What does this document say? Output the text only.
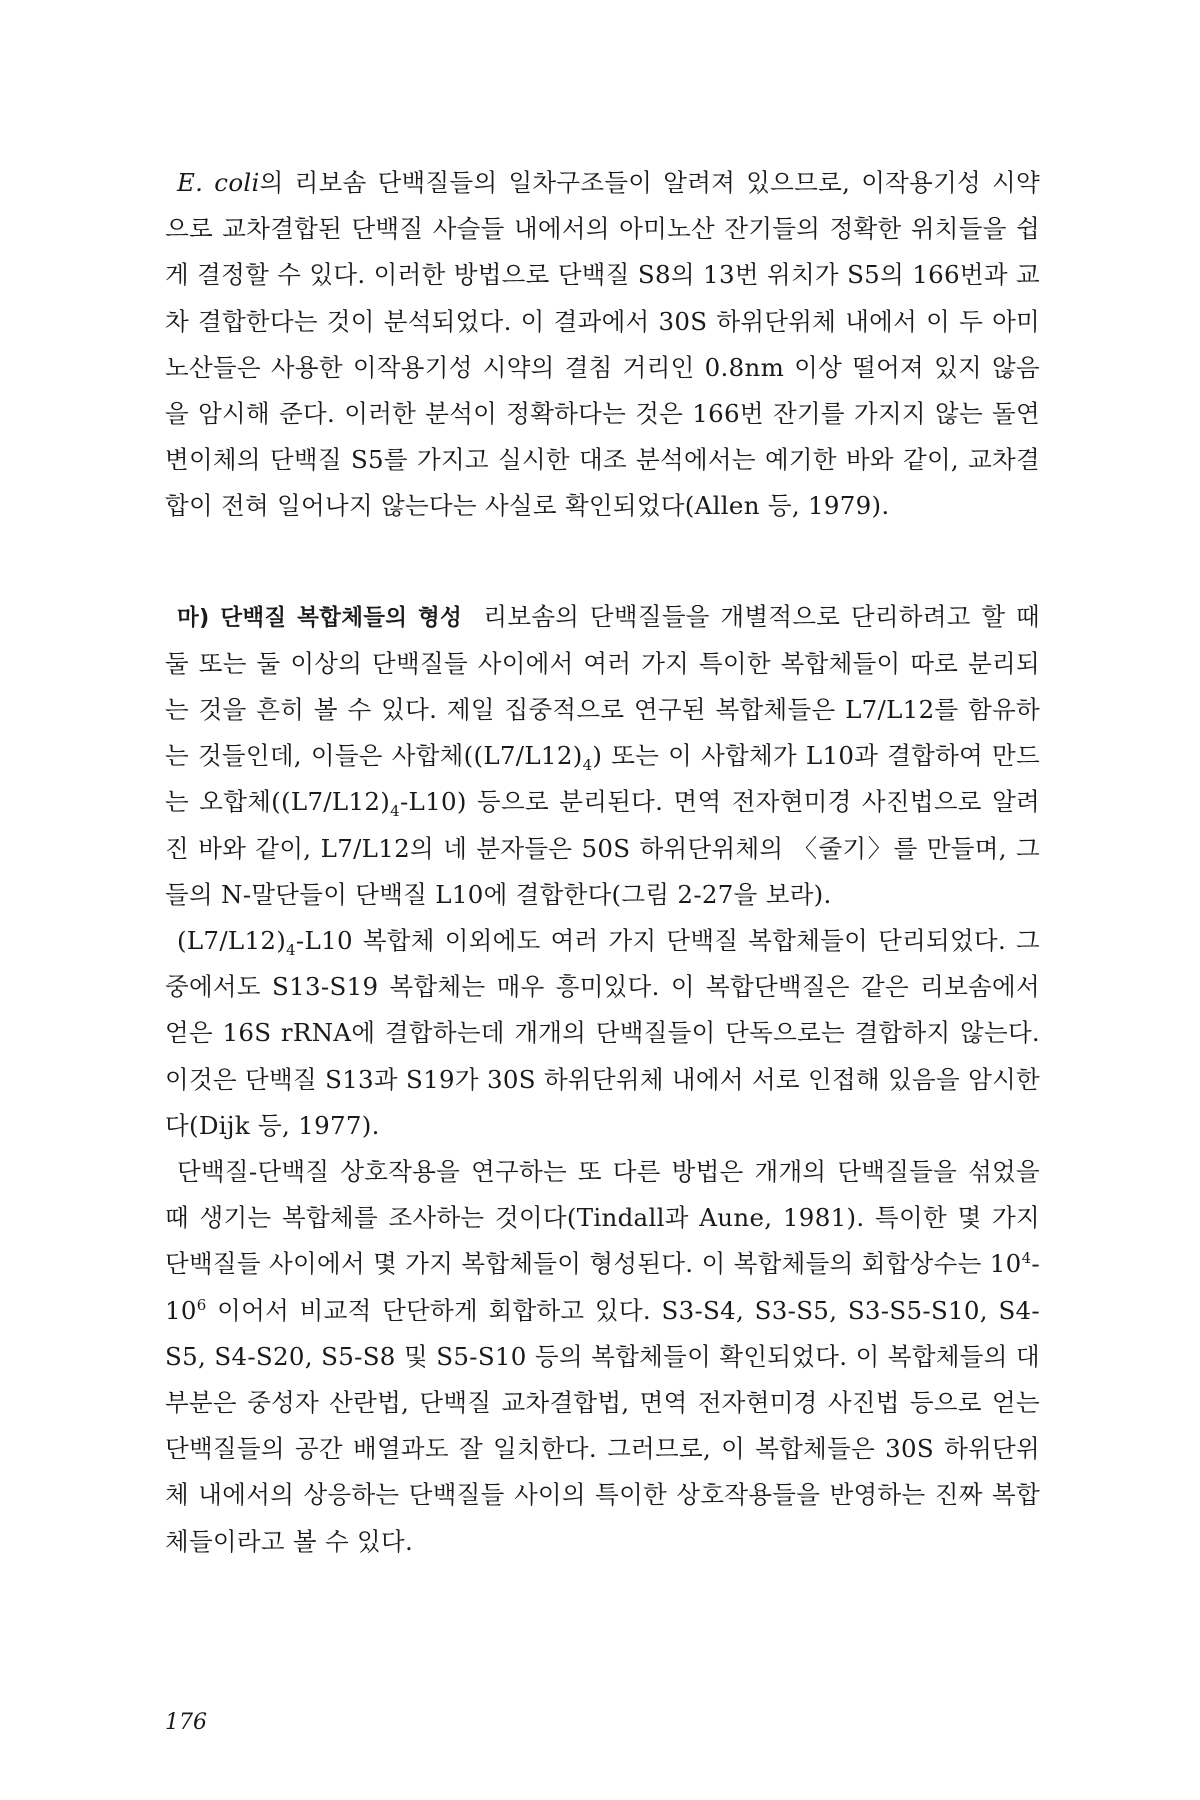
E. coli의 리보솜 단백질들의 일차구조들이 알려져 있으므로, 이작용기성 시약으로 교차결합된 단백질 사슬들 내에서의 아미노산 잔기들의 정확한 위치들을 쉽게 결정할 수 있다. 이러한 방법으로 단백질 S8의 13번 위치가 S5의 166번과 교차 결합한다는 것이 분석되었다. 이 결과에서 30S 하위단위체 내에서 이 두 아미노산들은 사용한 이작용기성 시약의 결침 거리인 0.8nm 이상 떨어져 있지 않음을 암시해 준다. 이러한 분석이 정확하다는 것은 166번 잔기를 가지지 않는 돌연변이체의 단백질 S5를 가지고 실시한 대조 분석에서는 예기한 바와 같이, 교차결합이 전혀 일어나지 않는다는 사실로 확인되었다(Allen 등, 1979).

마) 단백질 복합체들의 형성 리보솜의 단백질들을 개별적으로 단리하려고 할 때 둘 또는 둘 이상의 단백질들 사이에서 여러 가지 특이한 복합체들이 따로 분리되는 것을 흔히 볼 수 있다. 제일 집중적으로 연구된 복합체들은 L7/L12를 함유하는 것들인데, 이들은 사합체$((L7/L12)_4)$ 또는 이 사합체가 L10과 결합하여 만드는 오합체$((L7/L12)_4-L10)$ 등으로 분리된다. 면역 전자현미경 사진법으로 알려진 바와 같이, L7/L12의 네 분자들은 50S 하위단위체의 〈줄기〉를 만들며, 그들의 N-말단들이 단백질 L10에 결합한다(그림 2-27을 보라).

$(L7/L12)_4-L10$ 복합체 이외에도 여러 가지 단백질 복합체들이 단리되었다. 그중에서도 S13-S19 복합체는 매우 흥미있다. 이 복합단백질은 같은 리보솜에서 얻은 16S rRNA에 결합하는데 개개의 단백질들이 단독으로는 결합하지 않는다. 이것은 단백질 S13과 S19가 30S 하위단위체 내에서 서로 인접해 있음을 암시한다(Dijk 등, 1977).

단백질-단백질 상호작용을 연구하는 또 다른 방법은 개개의 단백질들을 섞었을 때 생기는 복합체를 조사하는 것이다(Tindall과 Aune, 1981). 특이한 몇 가지 단백질들 사이에서 몇 가지 복합체들이 형성된다. 이 복합체들의 회합상수는 $10^4-10^6$ 이어서 비교적 단단하게 회합하고 있다. S3-S4, S3-S5, S3-S5-S10, S4-S5, S4-S20, S5-S8 및 S5-S10 등의 복합체들이 확인되었다. 이 복합체들의 대부분은 중성자 산란법, 단백질 교차결합법, 면역 전자현미경 사진법 등으로 얻는 단백질들의 공간 배열과도 잘 일치한다. 그러므로, 이 복합체들은 30S 하위단위체 내에서의 상응하는 단백질들 사이의 특이한 상호작용들을 반영하는 진짜 복합체들이라고 볼 수 있다.

176
